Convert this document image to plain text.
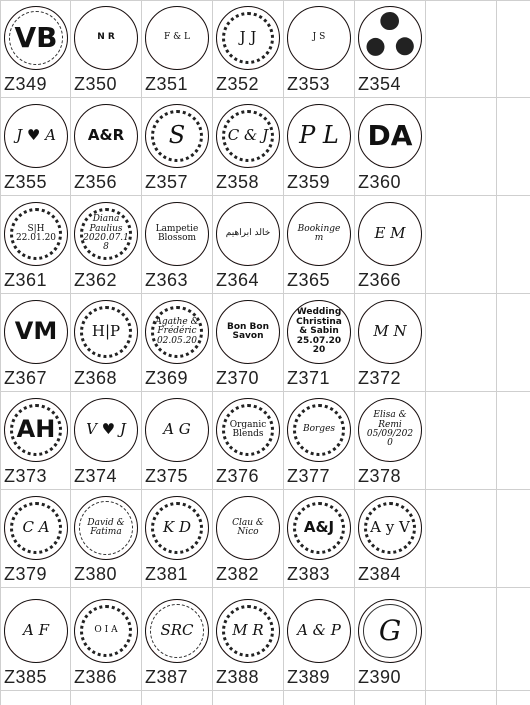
VB
Z349
N R
Z350
F & L
Z351
J J
Z352
J S
Z353	Z354
J ♥ A
Z355
A&R
Z356
S
Z357
C & J
Z358
P L
Z359
DA
Z360
S|H 22.01.20
Z361
Diana Paulius 2020.07.18
Z362
Lampetie Blossom
Z363
خالد ابراهيم
Z364
Bookingem
Z365
E M
Z366
VM
Z367
H|P
Z368
Agathe & Frédéric 02.05.20
Z369
Bon Bon Savon
Z370
Wedding Christina & Sabin 25.07.2020
Z371
M N
Z372
AH
Z373
V ♥ J
Z374
A G
Z375
Organic Blends
Z376
Borges
Z377
Elisa & Remi 05/09/2020
Z378
C A
Z379
David & Fatima
Z380
K D
Z381
Clau & Nico
Z382
A&J
Z383
A y V
Z384
A F
Z385
O I A
Z386
SRC
Z387
M R
Z388
A & P
Z389
G
Z390
